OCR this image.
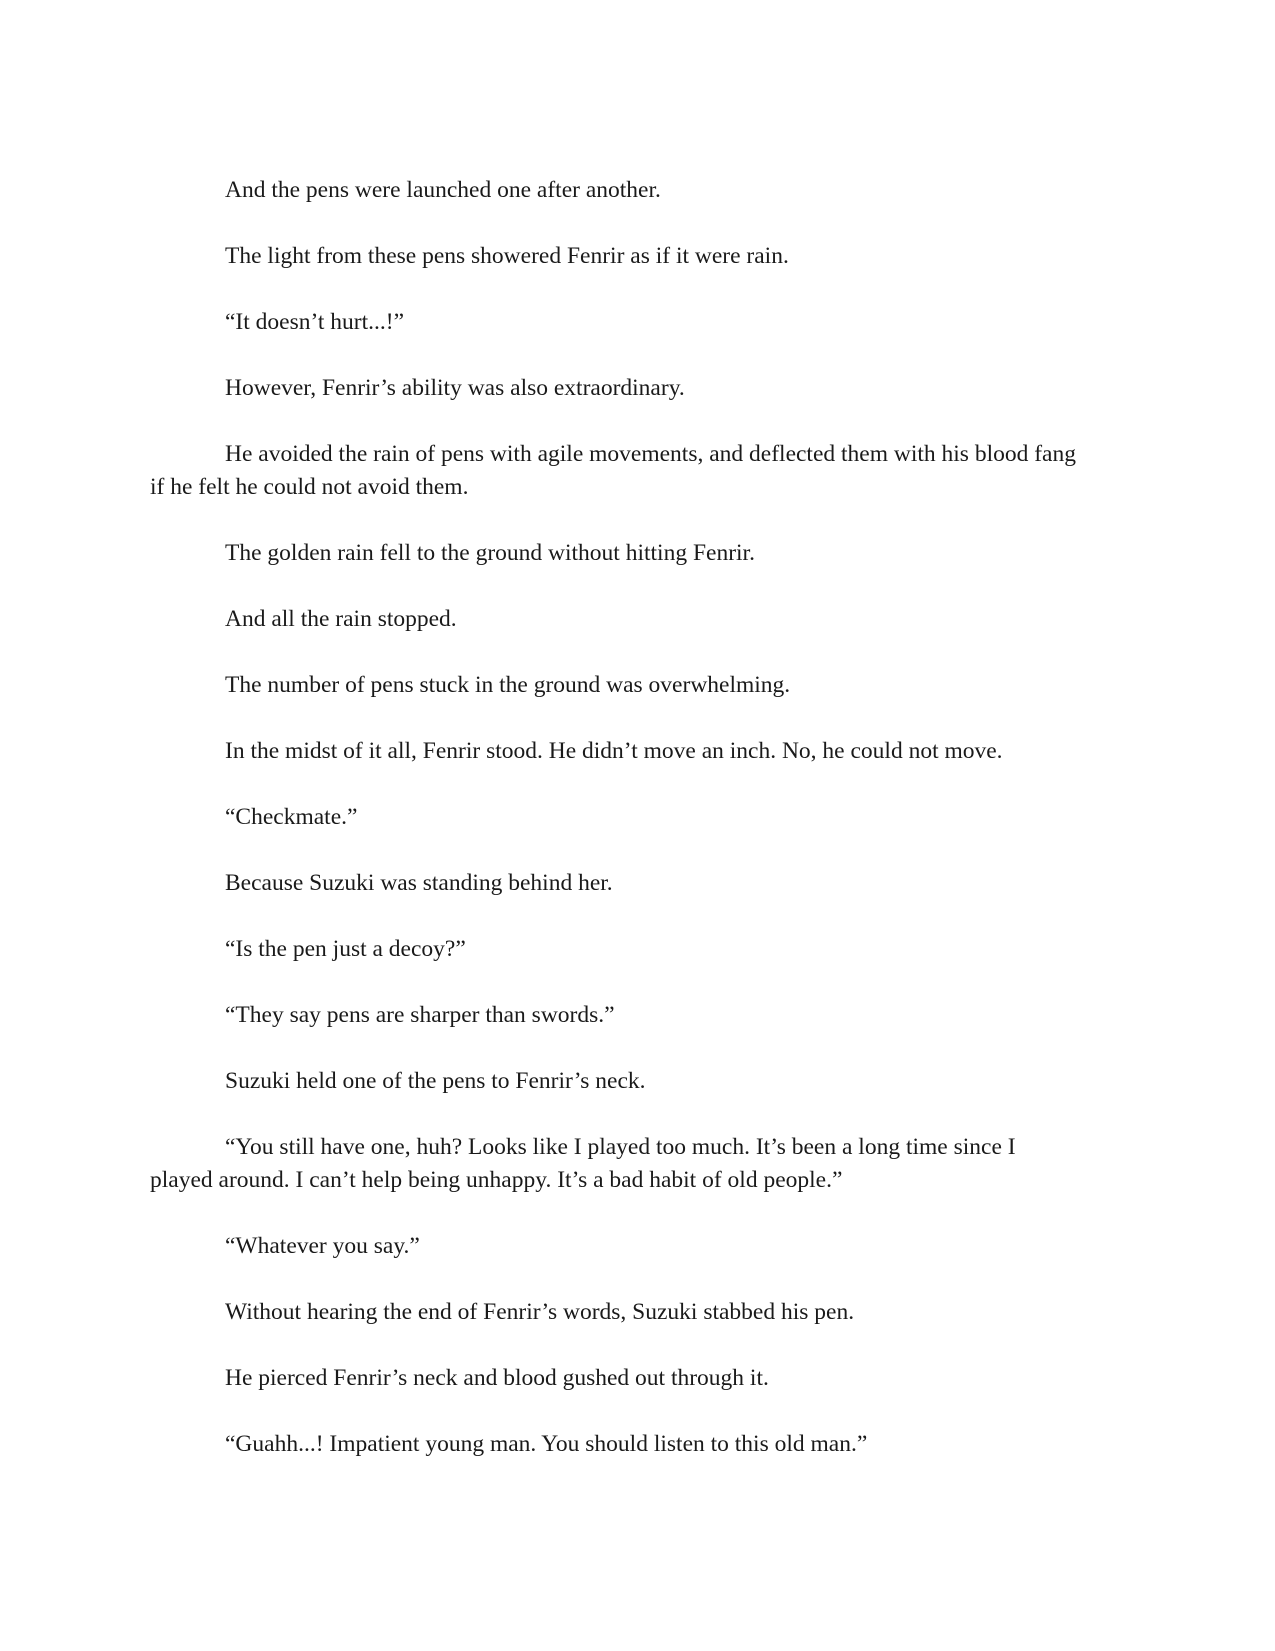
And the pens were launched one after another.

The light from these pens showered Fenrir as if it were rain.

“It doesn’t hurt...!”

However, Fenrir’s ability was also extraordinary.

He avoided the rain of pens with agile movements, and deflected them with his blood fang if he felt he could not avoid them.

The golden rain fell to the ground without hitting Fenrir.

And all the rain stopped.

The number of pens stuck in the ground was overwhelming.

In the midst of it all, Fenrir stood. He didn’t move an inch. No, he could not move.

“Checkmate.”

Because Suzuki was standing behind her.

“Is the pen just a decoy?”

“They say pens are sharper than swords.”

Suzuki held one of the pens to Fenrir’s neck.

“You still have one, huh? Looks like I played too much. It’s been a long time since I played around. I can’t help being unhappy. It’s a bad habit of old people.”

“Whatever you say.”

Without hearing the end of Fenrir’s words, Suzuki stabbed his pen.

He pierced Fenrir’s neck and blood gushed out through it.

“Guahh...! Impatient young man. You should listen to this old man.”
